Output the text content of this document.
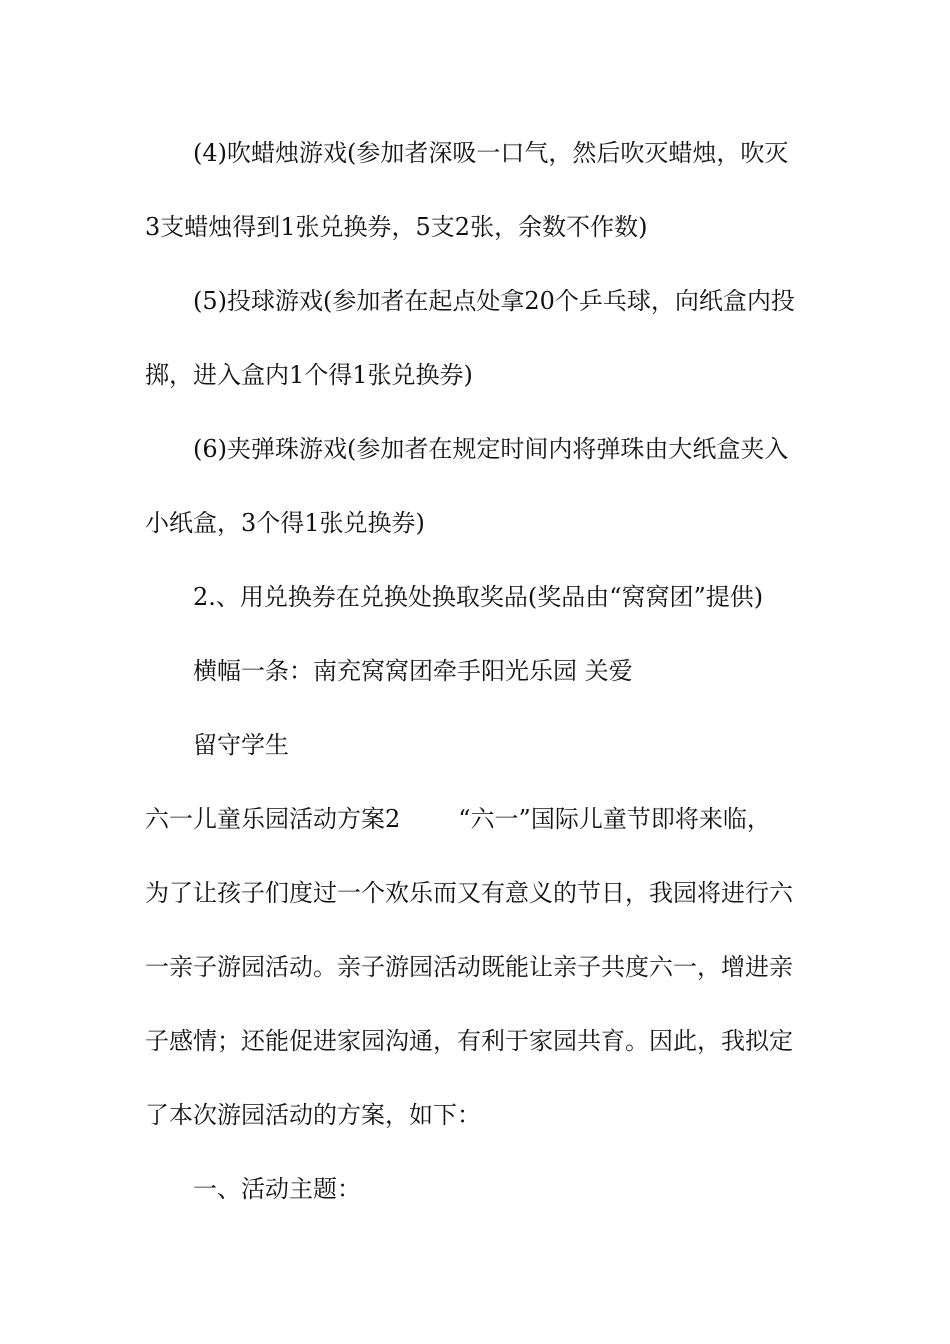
(4)吹蜡烛游戏(参加者深吸一口气，然后吹灭蜡烛，吹灭
3支蜡烛得到1张兑换券，5支2张，余数不作数)
(5)投球游戏(参加者在起点处拿20个乒乓球，向纸盒内投
掷，进入盒内1个得1张兑换券)
(6)夹弹珠游戏(参加者在规定时间内将弹珠由大纸盒夹入
小纸盒，3个得1张兑换券)
2.、用兑换券在兑换处换取奖品(奖品由“窝窝团”提供)
横幅一条：南充窝窝团牵手阳光乐园 关爱
留守学生
六一儿童乐园活动方案2 “六一”国际儿童节即将来临，
为了让孩子们度过一个欢乐而又有意义的节日，我园将进行六
一亲子游园活动。亲子游园活动既能让亲子共度六一，增进亲
子感情；还能促进家园沟通，有利于家园共育。因此，我拟定
了本次游园活动的方案，如下：
一、活动主题：
